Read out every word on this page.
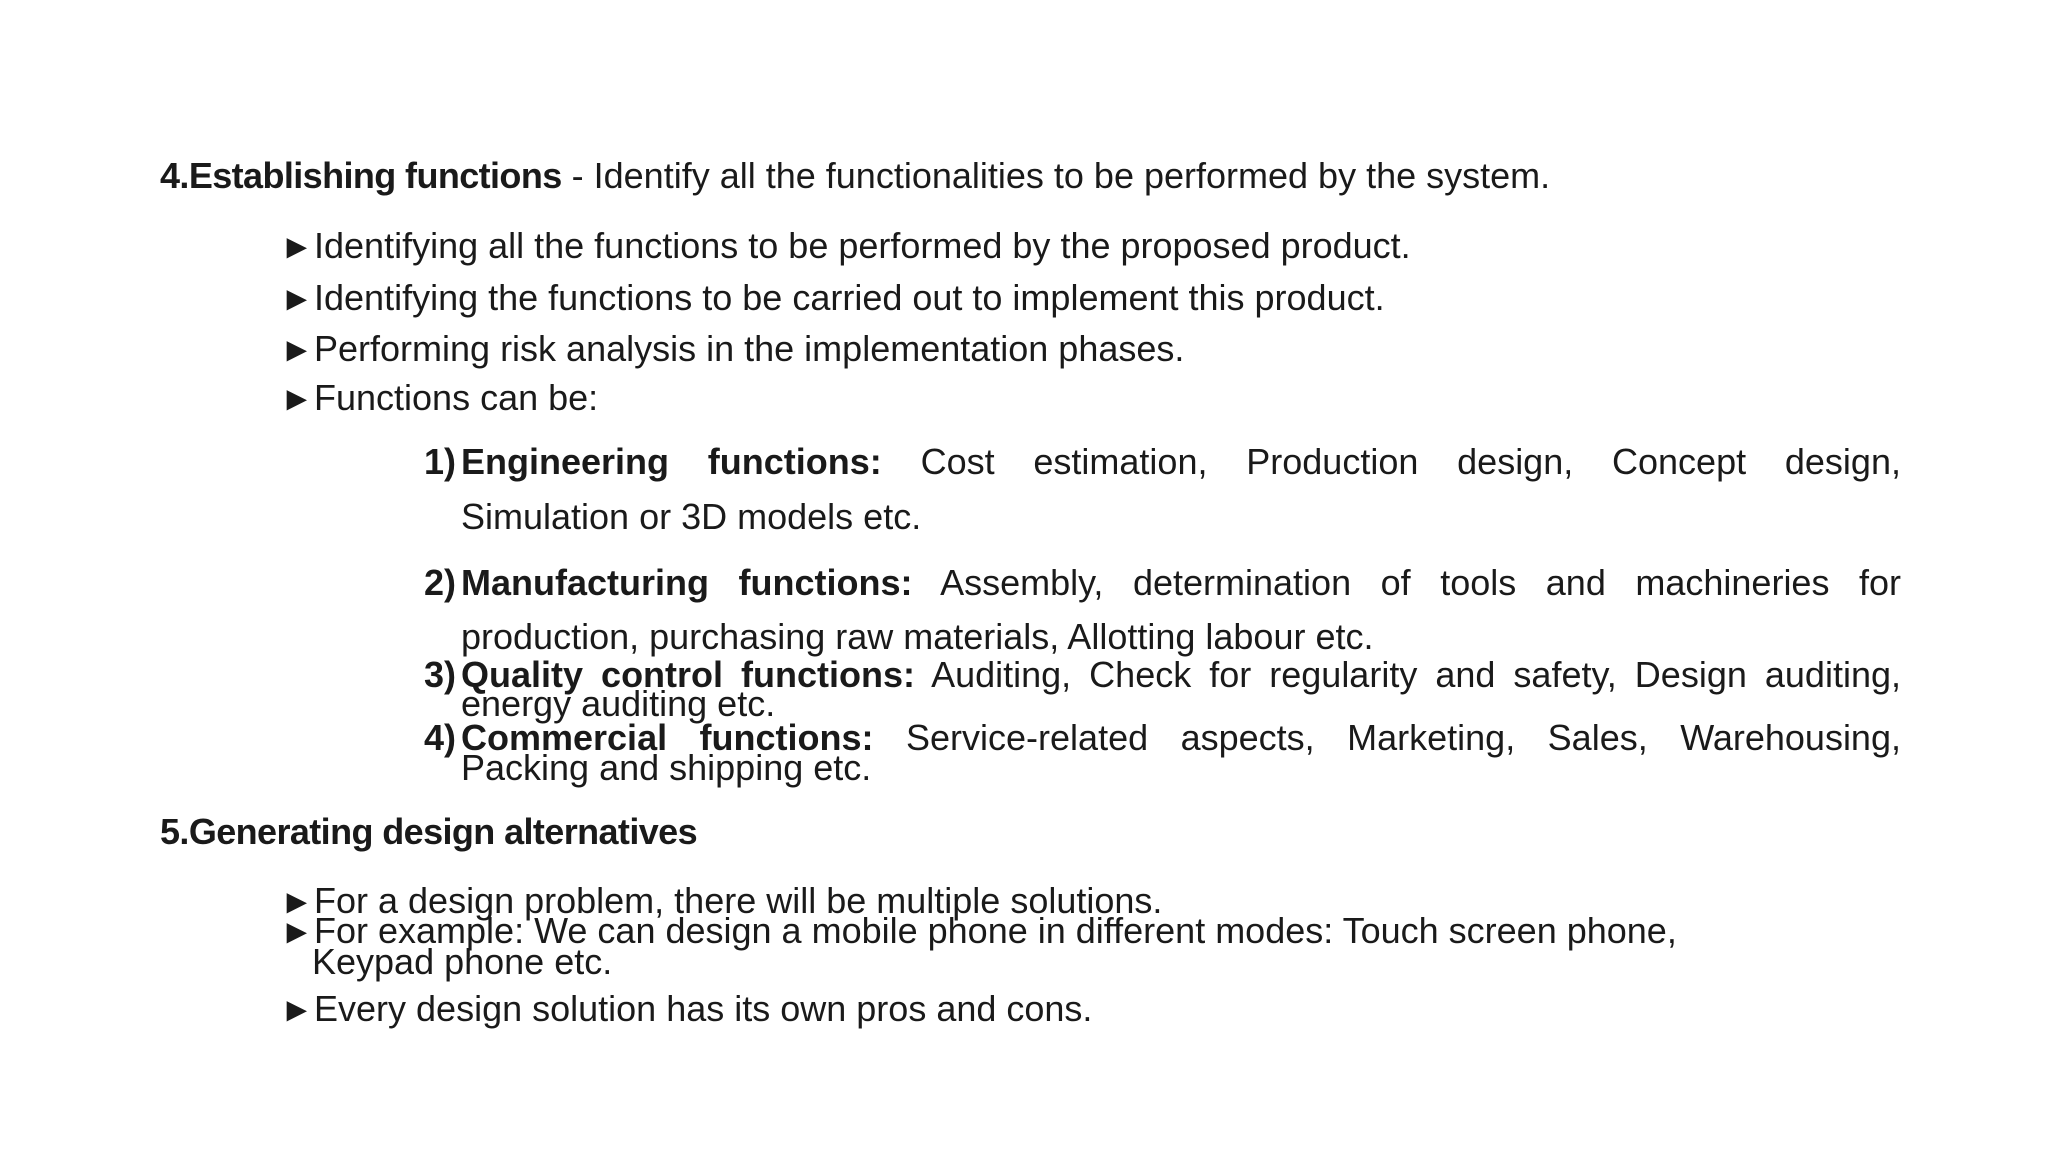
4.Establishing functions - Identify all the functionalities to be performed by the system.
►Identifying all the functions to be performed by the proposed product.
►Identifying the functions to be carried out to implement this product.
►Performing risk analysis in the implementation phases.
►Functions can be:
1) Engineering functions: Cost estimation, Production design, Concept design,
Simulation or 3D models etc.
2) Manufacturing functions: Assembly, determination of tools and machineries for
production, purchasing raw materials, Allotting labour etc.
3) Quality control functions: Auditing, Check for regularity and safety, Design auditing,
energy auditing etc.
4) Commercial functions: Service-related aspects, Marketing, Sales, Warehousing,
Packing and shipping etc.
5.Generating design alternatives
►For a design problem, there will be multiple solutions.
►For example: We can design a mobile phone in different modes: Touch screen phone,
Keypad phone etc.
►Every design solution has its own pros and cons.
